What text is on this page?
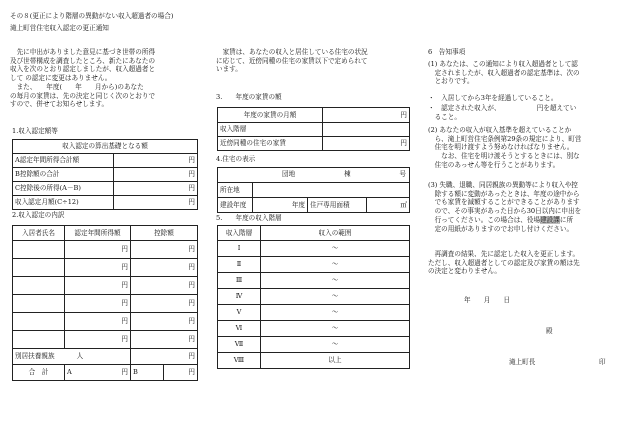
その８(更正により階層の異動がない収入超過者の場合)
滝上町営住宅収入認定の更正通知
　先に申出がありました意見に基づき世帯の所得
及び世帯構成を調査したところ、新たにあなたの
収入を次のとおり認定しましたが、収入超過者と
して の認定に変更はありません。
　また、　　年度(　　年　　月から)のあなた
の毎月の家賃は、先の決定と同じく次のとおりで
すので、併せてお知らせします。
1.収入認定額等
収入認定の算出基礎となる額	
A認定年間所得合計額	円
B控除額の合計	円
C控除後の所得(A－B)	円
収入認定月額(C÷12)	円
2.収入認定の内訳
入居者氏名	認定年間所得額	控除額	
	円	円	
	円	円	
	円	円	
	円	円	
	円	円	
	円	円	
別居扶養親族 人		円	
合　計	A 円	B	円
　家賃は、あなたの収入と居住している住宅の状況
に応じて、近傍同種の住宅の家賃以下で定められて
います。
3.　　年度の家賃の額
年度の家賃の月額	円
収入階層	
近傍同種の住宅の家賃	円
4.住宅の表示
団地 棟 号			

所在地			
建設年度	年度	住戸専用面積	㎡
5.　　年度の収入階層
収入階層	収入の範囲
Ⅰ	〜
Ⅱ	〜
Ⅲ	〜
Ⅳ	〜
Ⅴ	〜
Ⅵ	〜
Ⅶ	〜
Ⅷ	以上
6　告知事項
(1) あなたは、この通知により収入超過者として認
　定されましたが、収入超過者の認定基準は、次の
　とおりです。
・　入居してから3年を経過していること。
・　認定された収入が、　　　　　　円を超えてい
　ること。
(2) あなたの収入が収入基準を超えていることか
　ら、滝上町営住宅条例第29条の規定により、町営
　住宅を明け渡すよう努めなければなりません。
　　なお、住宅を明け渡そうとするときには、別な
　住宅のあっせん等を行うことがあります。
(3) 失職、退職、同居親族の異動等により収入や控
　除する額に変動があったときは、年度の途中から
　でも家賃を減額することができることがあります
　ので、その事実があった日から30日以内に申出を
　行ってください。この場合は、役場建設課に所
　定の用紙がありますのでお申し付けください。
　再調査の結果、先に認定した収入を更正します。
ただし、収入超過者としての認定及び家賃の額は先
の決定と変わりません。
年　　月　　日
殿
滝上町長	印
